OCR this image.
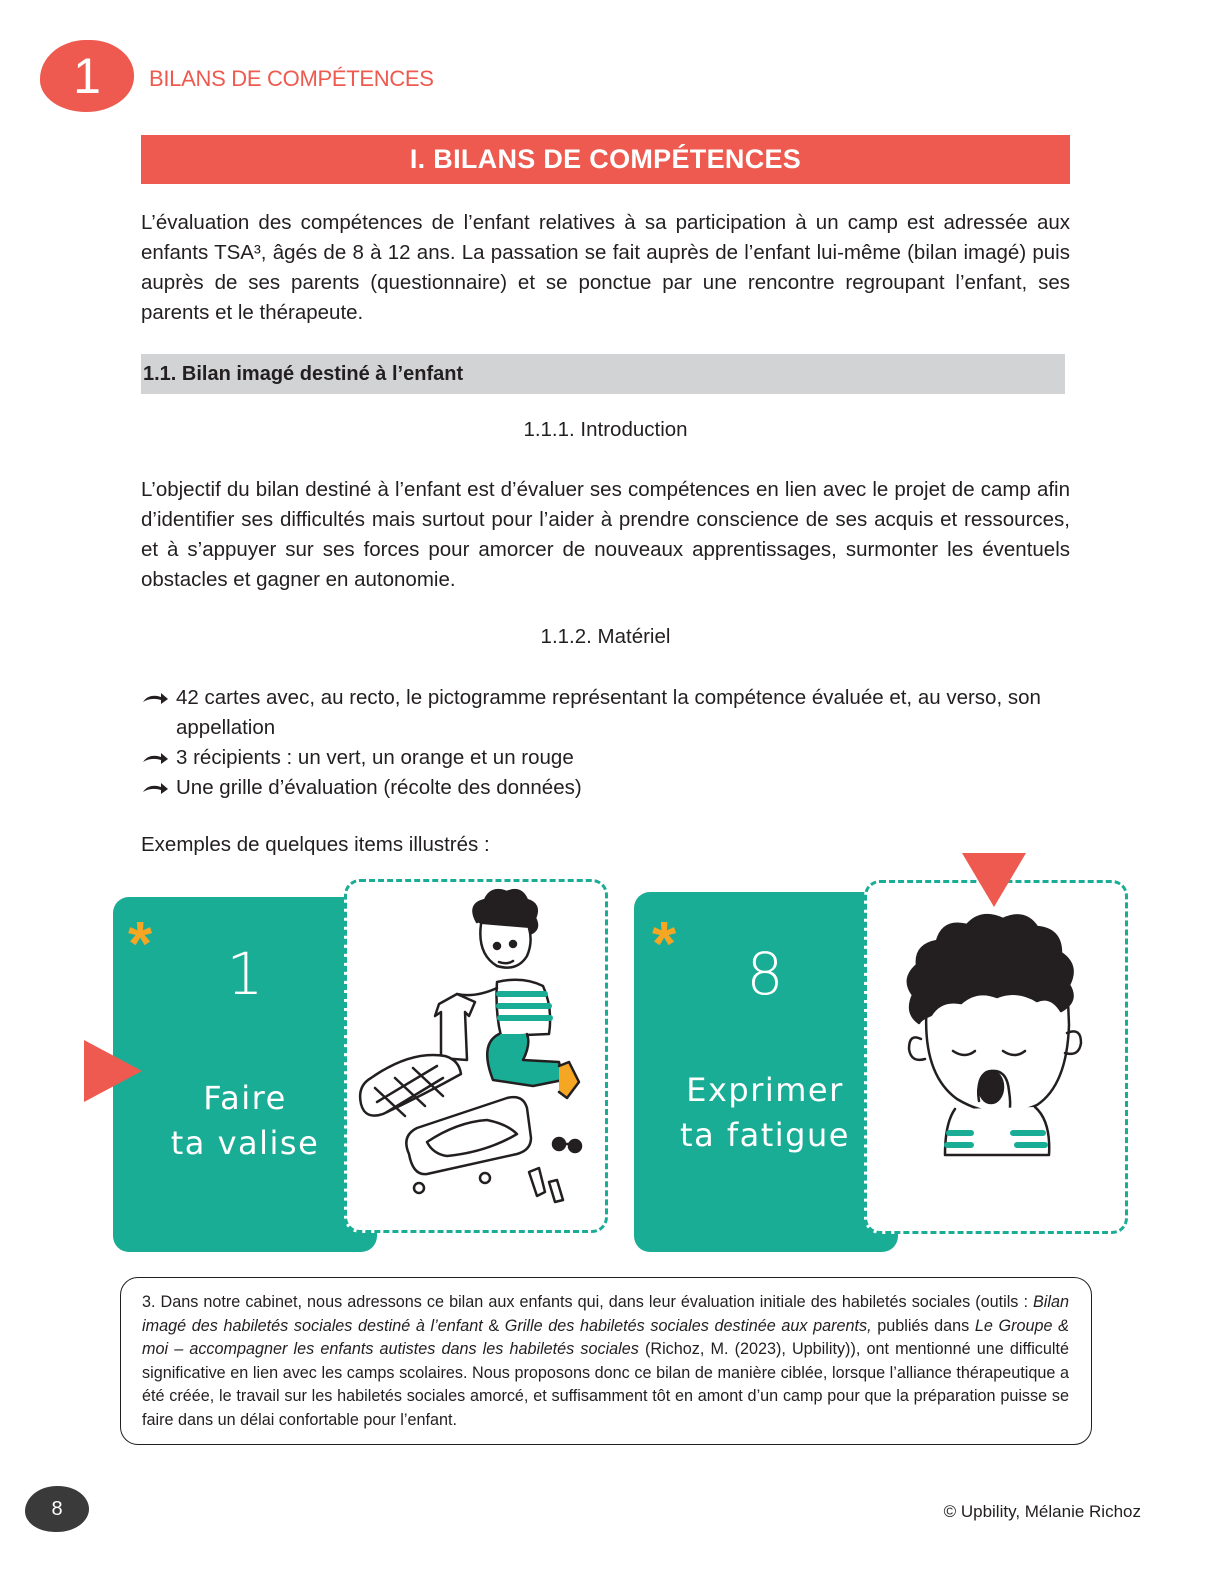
1 BILANS DE COMPÉTENCES
I. BILANS DE COMPÉTENCES

L’évaluation des compétences de l’enfant relatives à sa participation à un camp est adressée aux enfants TSA³, âgés de 8 à 12 ans. La passation se fait auprès de l’enfant lui-même (bilan imagé) puis auprès de ses parents (questionnaire) et se ponctue par une rencontre regroupant l’enfant, ses parents et le thérapeute.

1.1. Bilan imagé destiné à l’enfant
1.1.1. Introduction

L’objectif du bilan destiné à l’enfant est d’évaluer ses compétences en lien avec le projet de camp afin d’identifier ses difficultés mais surtout pour l’aider à prendre conscience de ses acquis et ressources, et à s’appuyer sur ses forces pour amorcer de nouveaux apprentissages, surmonter les éventuels obstacles et gagner en autonomie.

1.1.2. Matériel
42 cartes avec, au recto, le pictogramme représentant la compétence évaluée et, au verso, son appellation
3 récipients : un vert, un orange et un rouge
Une grille d’évaluation (récolte des données)
Exemples de quelques items illustrés :
*	1
Faire
ta valise
*	8
Exprimer
ta fatigue

3. Dans notre cabinet, nous adressons ce bilan aux enfants qui, dans leur évaluation initiale des habiletés sociales (outils : Bilan imagé des habiletés sociales destiné à l’enfant & Grille des habiletés sociales destinée aux parents, publiés dans Le Groupe & moi – accompagner les enfants autistes dans les habiletés sociales (Richoz, M. (2023), Upbility)), ont mentionné une difficulté significative en lien avec les camps scolaires. Nous proposons donc ce bilan de manière ciblée, lorsque l’alliance thérapeutique a été créée, le travail sur les habiletés sociales amorcé, et suffisamment tôt en amont d’un camp pour que la préparation puisse se faire dans un délai confortable pour l’enfant.

8	© Upbility, Mélanie Richoz
